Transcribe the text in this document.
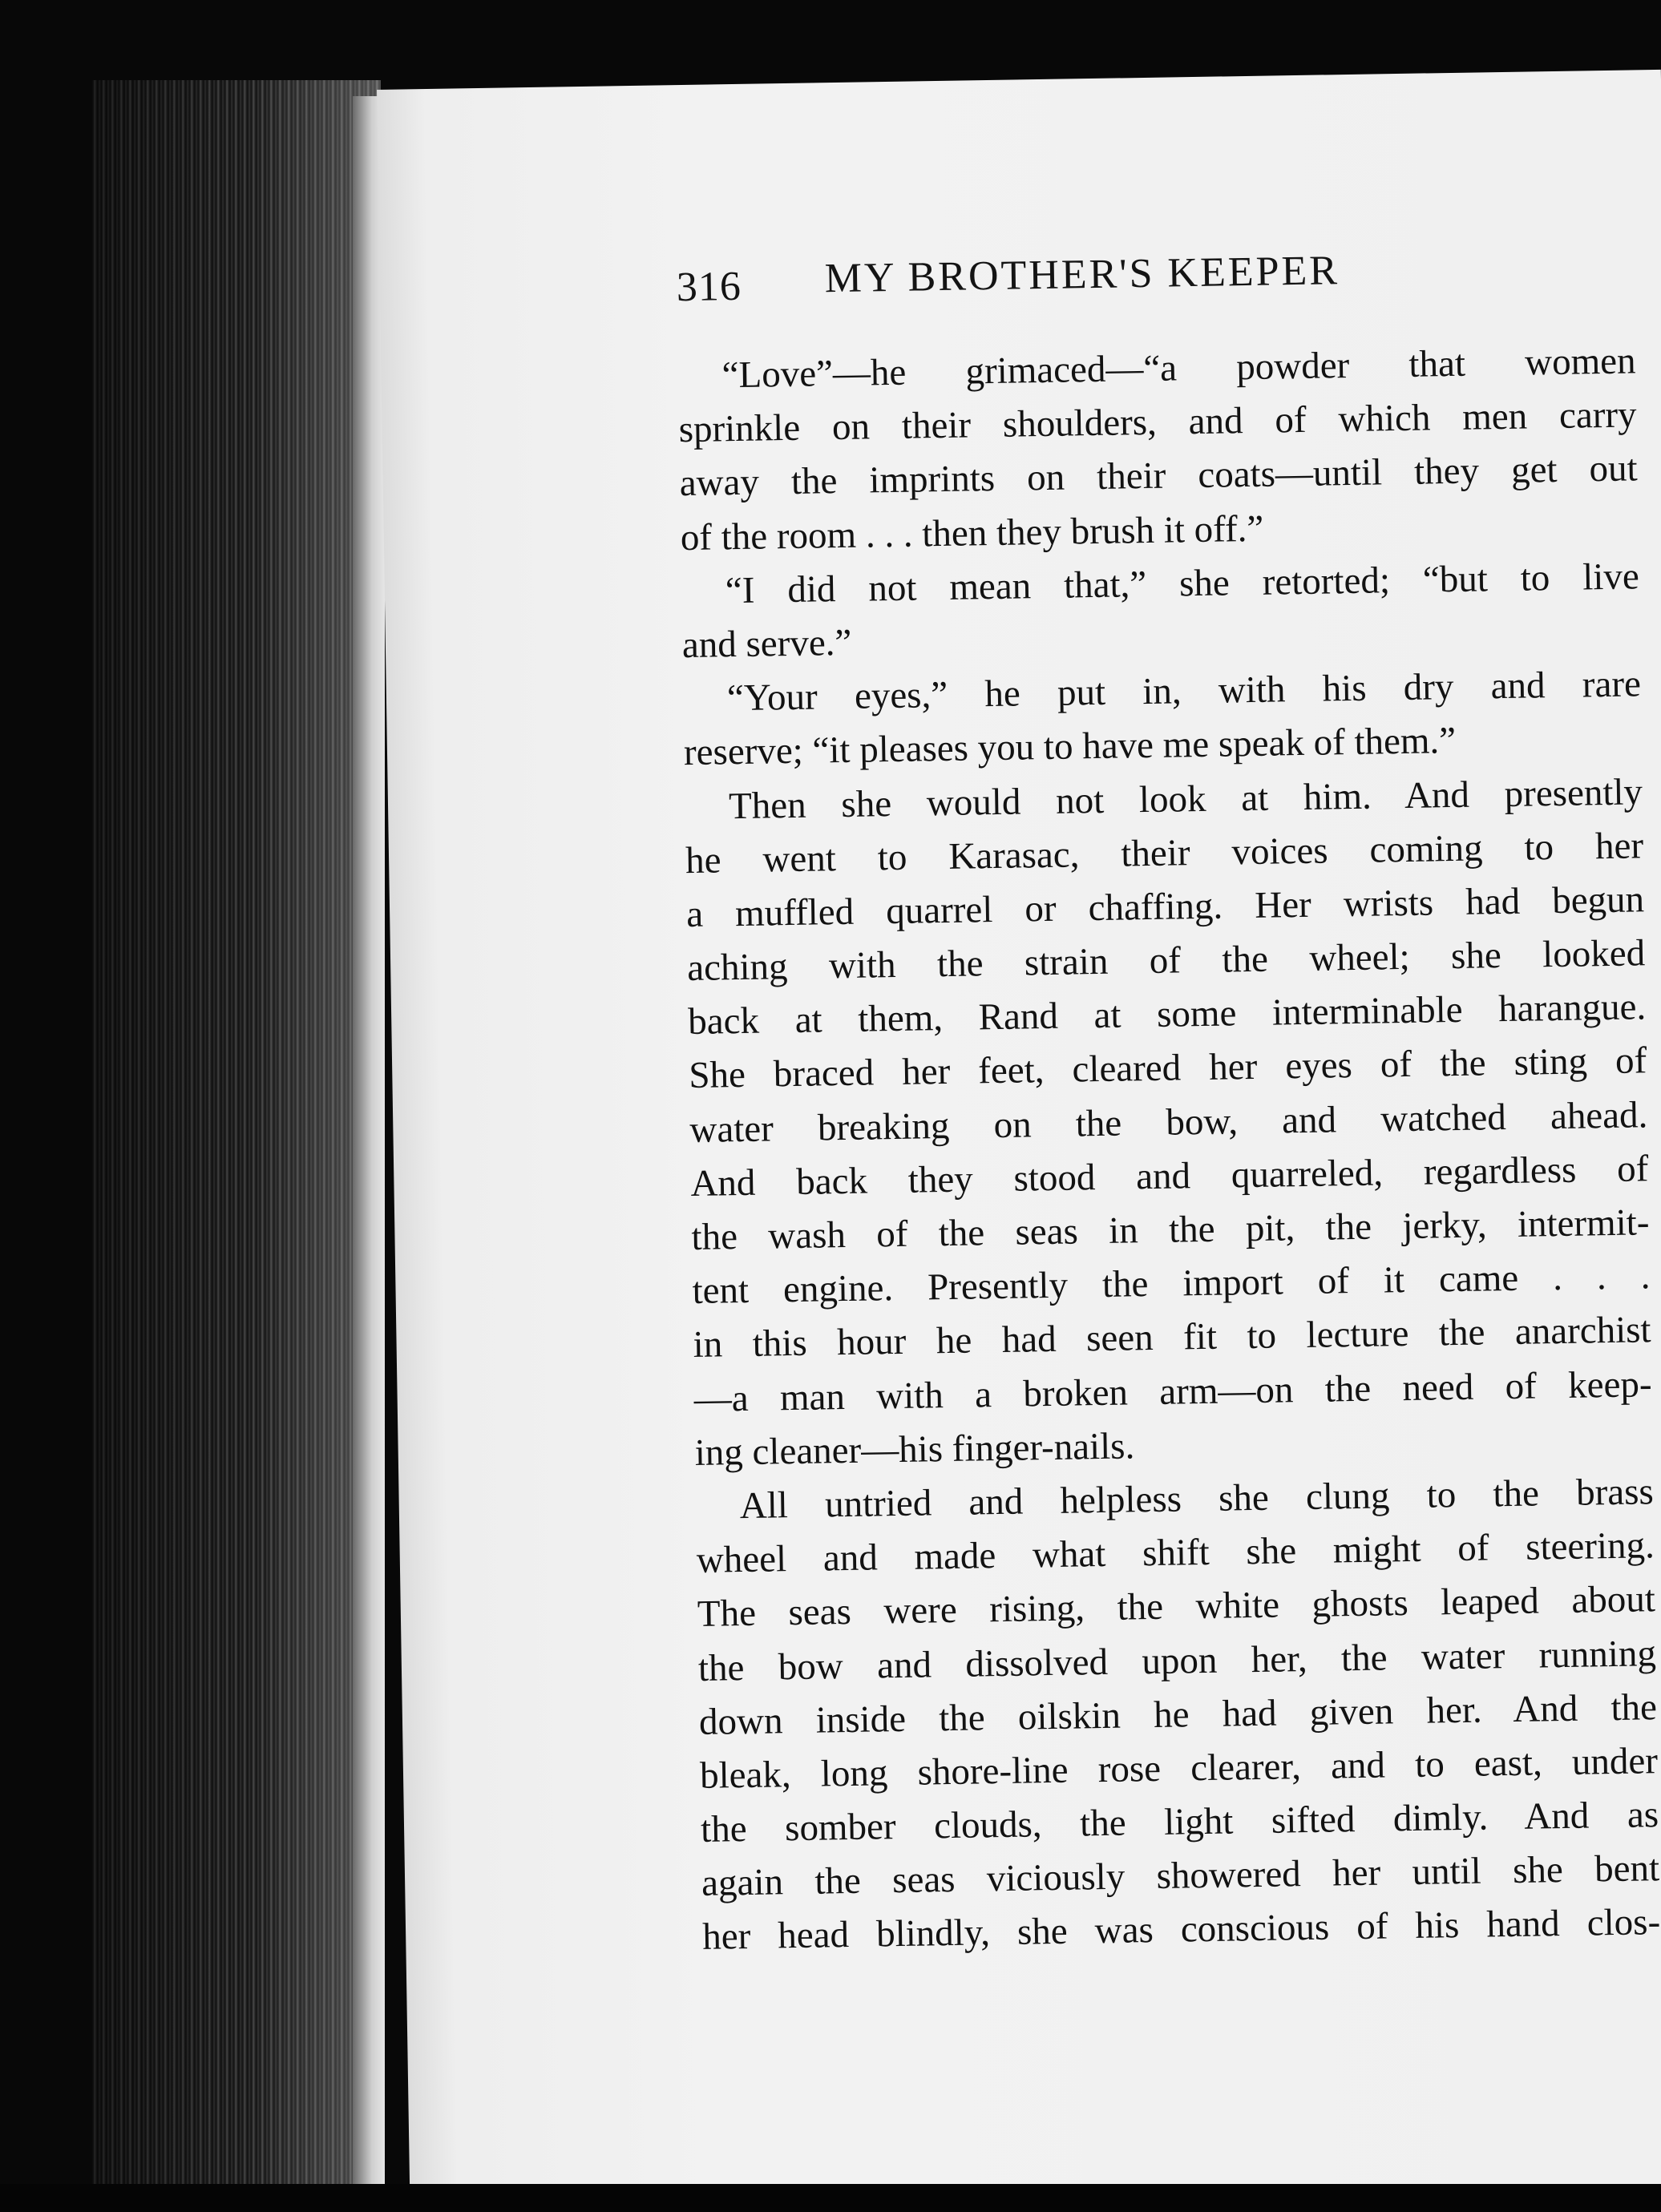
316 MY BROTHER'S KEEPER
“Love”—he grimaced—“a powder that women
sprinkle on their shoulders, and of which men carry
away the imprints on their coats—until they get out
of the room . . . then they brush it off.”
“I did not mean that,” she retorted; “but to live
and serve.”
“Your eyes,” he put in, with his dry and rare
reserve; “it pleases you to have me speak of them.”
Then she would not look at him. And presently
he went to Karasac, their voices coming to her
a muffled quarrel or chaffing. Her wrists had begun
aching with the strain of the wheel; she looked
back at them, Rand at some interminable harangue.
She braced her feet, cleared her eyes of the sting of
water breaking on the bow, and watched ahead.
And back they stood and quarreled, regardless of
the wash of the seas in the pit, the jerky, intermit-
tent engine. Presently the import of it came . . .
in this hour he had seen fit to lecture the anarchist
—a man with a broken arm—on the need of keep-
ing cleaner—his finger-nails.
All untried and helpless she clung to the brass
wheel and made what shift she might of steering.
The seas were rising, the white ghosts leaped about
the bow and dissolved upon her, the water running
down inside the oilskin he had given her. And the
bleak, long shore-line rose clearer, and to east, under
the somber clouds, the light sifted dimly. And as
again the seas viciously showered her until she bent
her head blindly, she was conscious of his hand clos-
